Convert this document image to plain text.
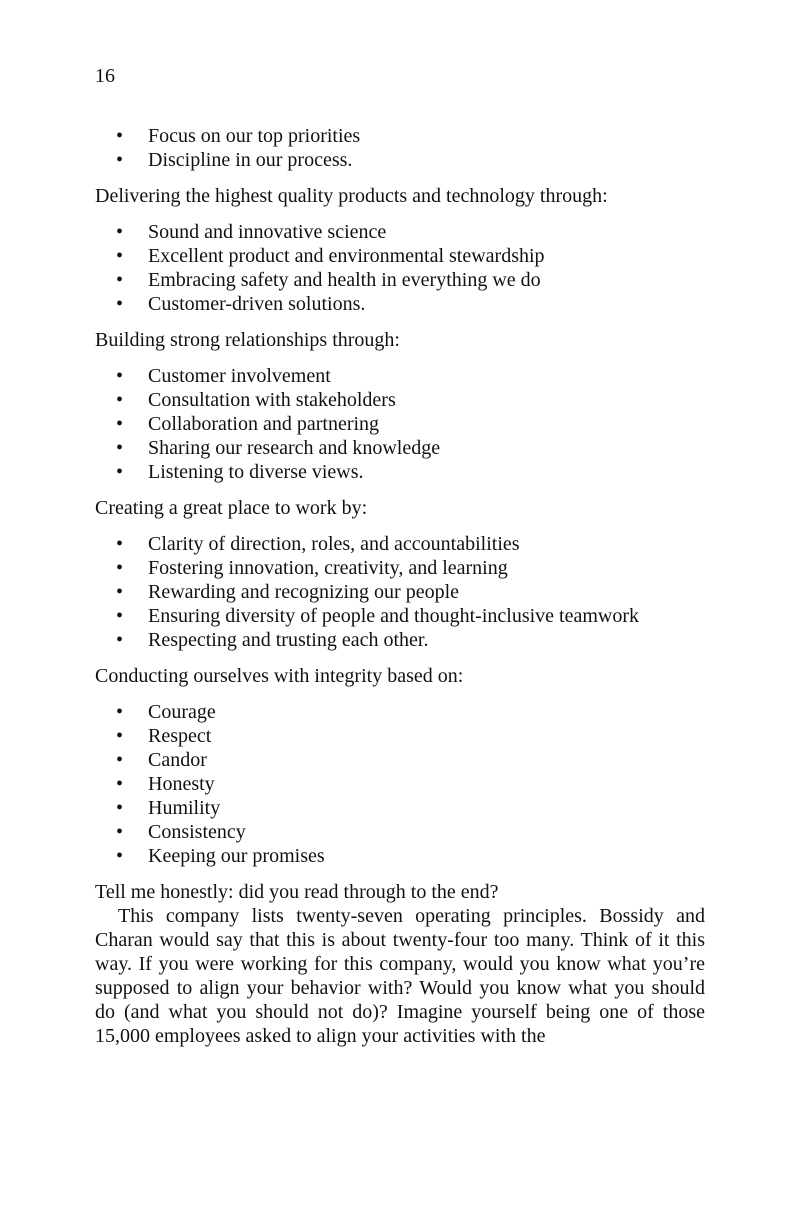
16
• Focus on our top priorities
• Discipline in our process.

Delivering the highest quality products and technology through:

• Sound and innovative science
• Excellent product and environmental stewardship
• Embracing safety and health in everything we do
• Customer-driven solutions.

Building strong relationships through:

• Customer involvement
• Consultation with stakeholders
• Collaboration and partnering
• Sharing our research and knowledge
• Listening to diverse views.

Creating a great place to work by:

• Clarity of direction, roles, and accountabilities
• Fostering innovation, creativity, and learning
• Rewarding and recognizing our people
• Ensuring diversity of people and thought-inclusive teamwork
• Respecting and trusting each other.

Conducting ourselves with integrity based on:

• Courage
• Respect
• Candor
• Honesty
• Humility
• Consistency
• Keeping our promises

Tell me honestly: did you read through to the end?

This company lists twenty-seven operating principles. Bossidy and Charan would say that this is about twenty-four too many. Think of it this way. If you were working for this company, would you know what you’re supposed to align your behavior with? Would you know what you should do (and what you should not do)? Imagine yourself being one of those 15,000 employees asked to align your activities with the
